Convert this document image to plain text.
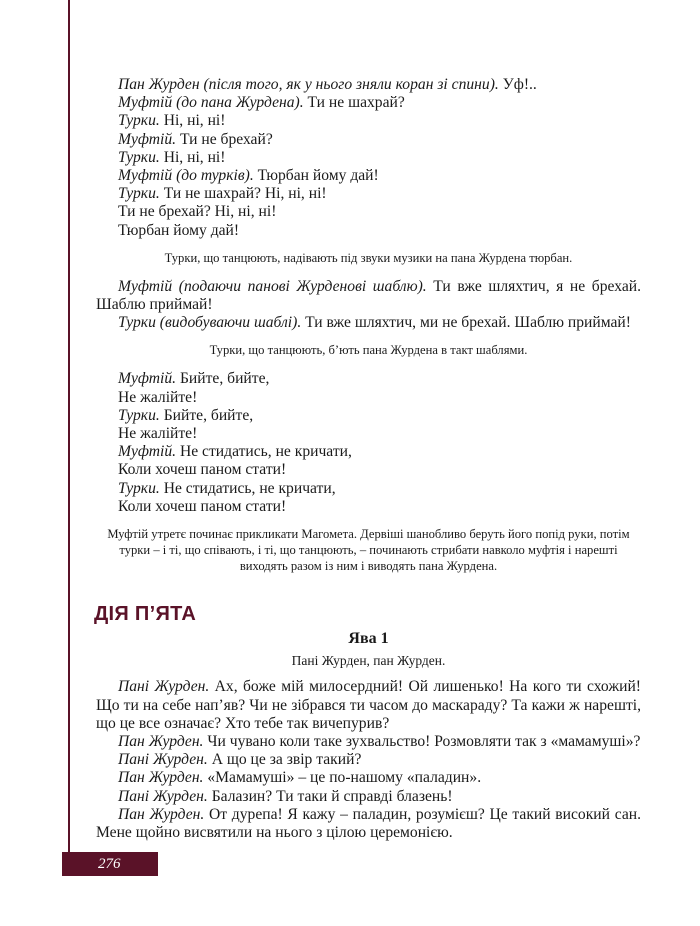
Пан Журден (після того, як у нього зняли коран зі спини). Уф!..

Муфтій (до пана Журдена). Ти не шахрай?

Турки. Ні, ні, ні!

Муфтій. Ти не брехай?

Турки. Ні, ні, ні!

Муфтій (до турків). Тюрбан йому дай!

Турки. Ти не шахрай? Ні, ні, ні!

Ти не брехай? Ні, ні, ні!

Тюрбан йому дай!

Турки, що танцюють, надівають під звуки музики на пана Журдена тюрбан.

Муфтій (подаючи панові Журденові шаблю). Ти вже шляхтич, я не брехай. Шаблю приймай!

Турки (видобуваючи шаблі). Ти вже шляхтич, ми не брехай. Шаблю приймай!

Турки, що танцюють, б’ють пана Журдена в такт шаблями.

Муфтій. Бийте, бийте,

Не жалійте!

Турки. Бийте, бийте,

Не жалійте!

Муфтій. Не стидатись, не кричати,

Коли хочеш паном стати!

Турки. Не стидатись, не кричати,

Коли хочеш паном стати!

Муфтій утретє починає прикликати Магомета. Дервіші шанобливо беруть його попід руки, потім турки – і ті, що співають, і ті, що танцюють, – починають стрибати навколо муфтія і нарешті виходять разом із ним і виводять пана Журдена.

ДІЯ П’ЯТА
Ява 1
Пані Журден, пан Журден.

Пані Журден. Ах, боже мій милосердний! Ой лишенько! На кого ти схожий! Що ти на себе нап’яв? Чи не зібрався ти часом до маскараду? Та кажи ж нарешті, що це все означає? Хто тебе так вичепурив?

Пан Журден. Чи чувано коли таке зухвальство! Розмовляти так з «мамамуші»?

Пані Журден. А що це за звір такий?

Пан Журден. «Мамамуші» – це по-нашому «паладин».

Пані Журден. Балазин? Ти таки й справді блазень!

Пан Журден. От дурепа! Я кажу – паладин, розумієш? Це такий високий сан. Мене щойно висвятили на нього з цілою церемонією.

276
